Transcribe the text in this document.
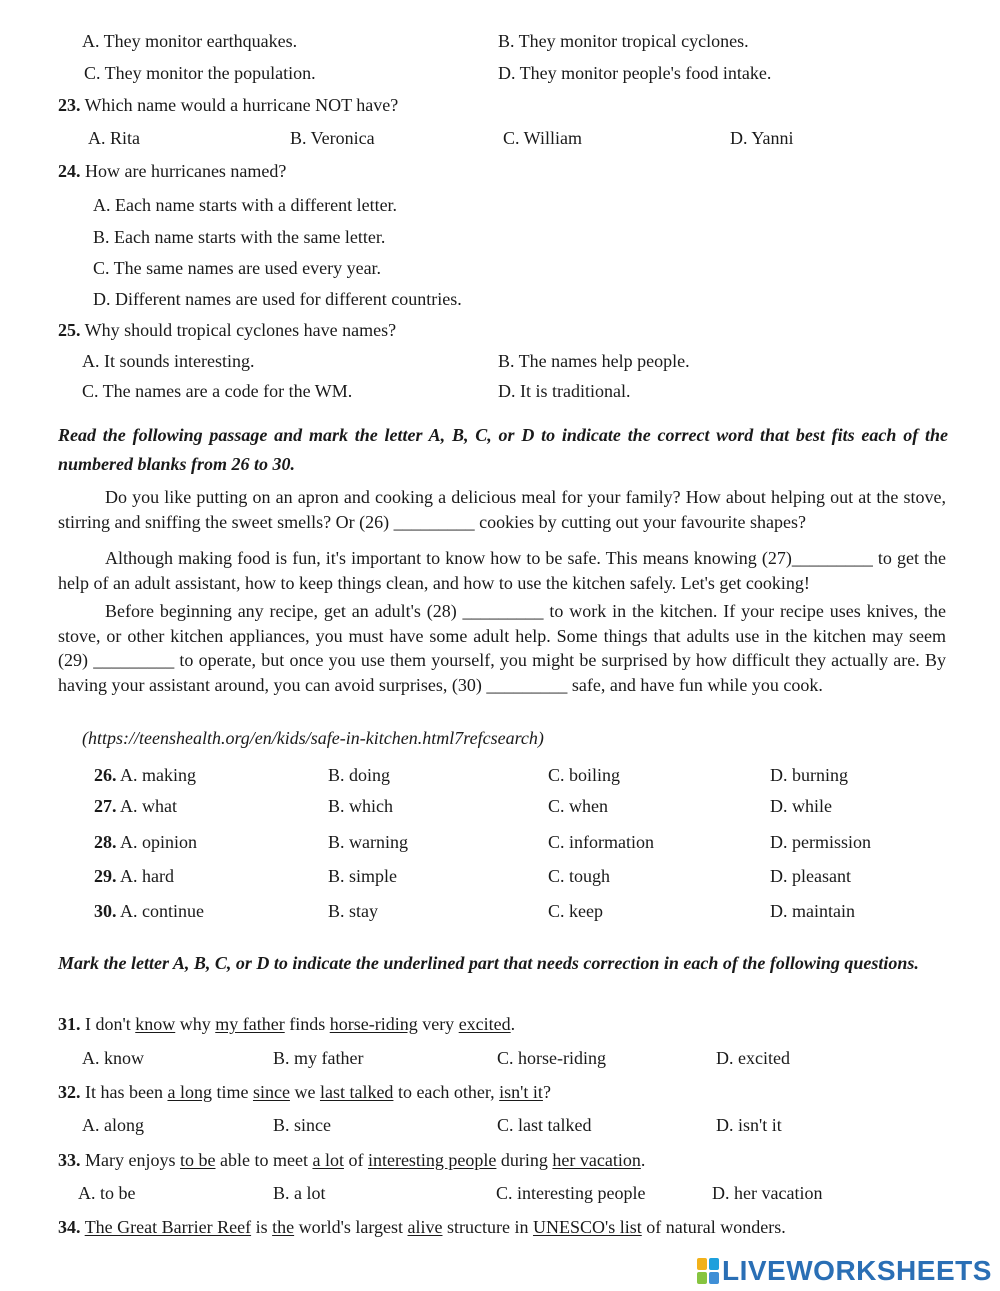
A. They monitor earthquakes.	B. They monitor tropical cyclones.
C. They monitor the population.	D. They monitor people's food intake.
23. Which name would a hurricane NOT have?
A. Rita	B. Veronica	C. William	D. Yanni
24. How are hurricanes named?
A. Each name starts with a different letter.
B. Each name starts with the same letter.
C. The same names are used every year.
D. Different names are used for different countries.
25. Why should tropical cyclones have names?
A. It sounds interesting.	B. The names help people.
C. The names are a code for the WM.	D. It is traditional.
Read the following passage and mark the letter A, B, C, or D to indicate the correct word that best fits each of the numbered blanks from 26 to 30.
Do you like putting on an apron and cooking a delicious meal for your family? How about helping out at the stove, stirring and sniffing the sweet smells? Or (26) _________ cookies by cutting out your favourite shapes?
Although making food is fun, it's important to know how to be safe. This means knowing (27)_________ to get the help of an adult assistant, how to keep things clean, and how to use the kitchen safely. Let's get cooking!
Before beginning any recipe, get an adult's (28) _________ to work in the kitchen. If your recipe uses knives, the stove, or other kitchen appliances, you must have some adult help. Some things that adults use in the kitchen may seem (29) _________ to operate, but once you use them yourself, you might be surprised by how difficult they actually are. By having your assistant around, you can avoid surprises, (30) _________ safe, and have fun while you cook.
(https://teenshealth.org/en/kids/safe-in-kitchen.html7refcsearch)
26. A. making	B. doing	C. boiling	D. burning
27. A. what	B. which	C. when	D. while
28. A. opinion	B. warning	C. information	D. permission
29. A. hard	B. simple	C. tough	D. pleasant
30. A. continue	B. stay	C. keep	D. maintain
Mark the letter A, B, C, or D to indicate the underlined part that needs correction in each of the following questions.
31. I don't know why my father finds horse-riding very excited.
A. know	B. my father	C. horse-riding	D. excited
32. It has been a long time since we last talked to each other, isn't it?
A. along	B. since	C. last talked	D. isn't it
33. Mary enjoys to be able to meet a lot of interesting people during her vacation.
A. to be	B. a lot	C. interesting people	D. her vacation
34. The Great Barrier Reef is the world's largest alive structure in UNESCO's list of natural wonders.
LIVEWORKSHEETS
